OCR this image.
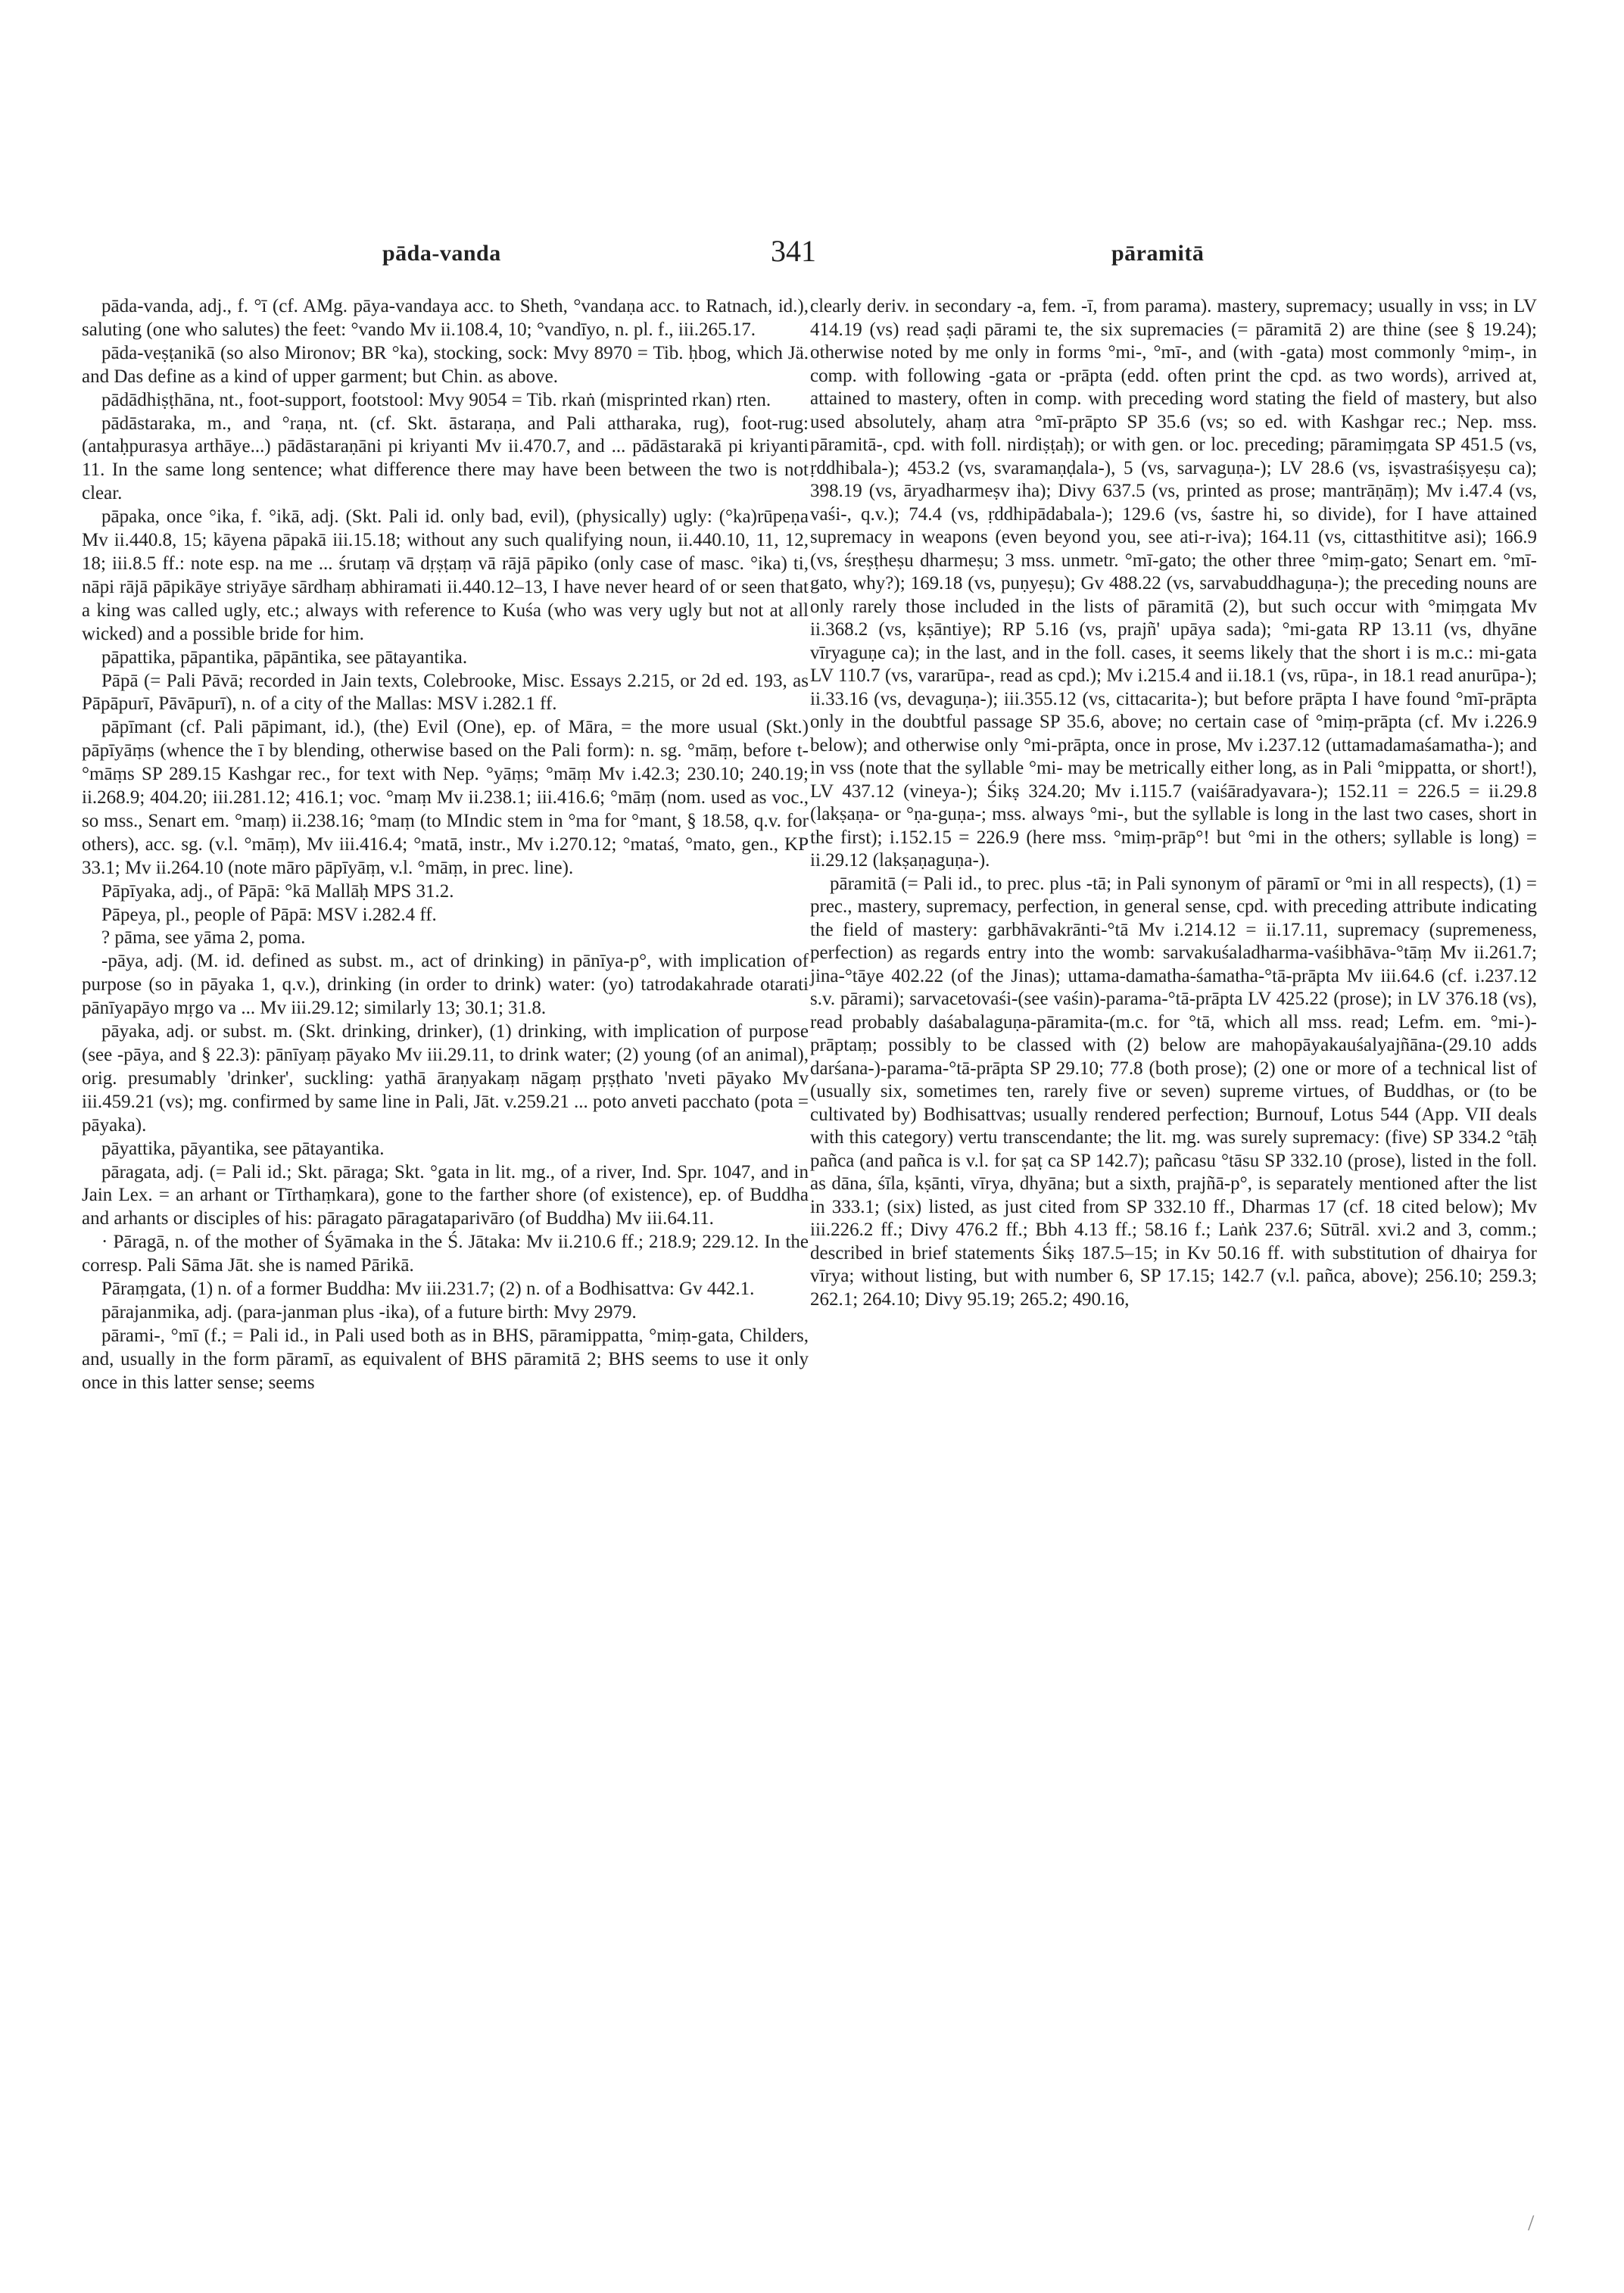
pāda-vanda	341	pāramitā

pāda-vanda, adj., f. °ī (cf. AMg. pāya-vandaya acc. to Sheth, °vandaṇa acc. to Ratnach, id.), saluting (one who salutes) the feet: °vando Mv ii.108.4, 10; °vandīyo, n. pl. f., iii.265.17.

pāda-veṣṭanikā (so also Mironov; BR °ka), stocking, sock: Mvy 8970 = Tib. ḥbog, which Jä. and Das define as a kind of upper garment; but Chin. as above.

pādādhiṣṭhāna, nt., foot-support, footstool: Mvy 9054 = Tib. rkaṅ (misprinted rkan) rten.

pādāstaraka, m., and °raṇa, nt. (cf. Skt. āstaraṇa, and Pali attharaka, rug), foot-rug: (antaḥpurasya arthāye...) pādāstaraṇāni pi kriyanti Mv ii.470.7, and ... pādāstarakā pi kriyanti 11. In the same long sentence; what difference there may have been between the two is not clear.

pāpaka, once °ika, f. °ikā, adj. (Skt. Pali id. only bad, evil), (physically) ugly: (°ka)rūpeṇa Mv ii.440.8, 15; kāyena pāpakā iii.15.18; without any such qualifying noun, ii.440.10, 11, 12, 18; iii.8.5 ff.: note esp. na me ... śrutaṃ vā dṛṣṭaṃ vā rājā pāpiko (only case of masc. °ika) ti, nāpi rājā pāpikāye striyāye sārdhaṃ abhiramati ii.440.12–13, I have never heard of or seen that a king was called ugly, etc.; always with reference to Kuśa (who was very ugly but not at all wicked) and a possible bride for him.

pāpattika, pāpantika, pāpāntika, see pātayantika.

Pāpā (= Pali Pāvā; recorded in Jain texts, Colebrooke, Misc. Essays 2.215, or 2d ed. 193, as Pāpāpurī, Pāvāpurī), n. of a city of the Mallas: MSV i.282.1 ff.

pāpīmant (cf. Pali pāpimant, id.), (the) Evil (One), ep. of Māra, = the more usual (Skt.) pāpīyāṃs (whence the ī by blending, otherwise based on the Pali form): n. sg. °māṃ, before t- °māṃs SP 289.15 Kashgar rec., for text with Nep. °yāṃs; °māṃ Mv i.42.3; 230.10; 240.19; ii.268.9; 404.20; iii.281.12; 416.1; voc. °maṃ Mv ii.238.1; iii.416.6; °māṃ (nom. used as voc., so mss., Senart em. °maṃ) ii.238.16; °maṃ (to MIndic stem in °ma for °mant, § 18.58, q.v. for others), acc. sg. (v.l. °māṃ), Mv iii.416.4; °matā, instr., Mv i.270.12; °mataś, °mato, gen., KP 33.1; Mv ii.264.10 (note māro pāpīyāṃ, v.l. °māṃ, in prec. line).

Pāpīyaka, adj., of Pāpā: °kā Mallāḥ MPS 31.2.

Pāpeya, pl., people of Pāpā: MSV i.282.4 ff.

? pāma, see yāma 2, poma.

-pāya, adj. (M. id. defined as subst. m., act of drinking) in pānīya-p°, with implication of purpose (so in pāyaka 1, q.v.), drinking (in order to drink) water: (yo) tatrodakahrade otarati pānīyapāyo mṛgo va ... Mv iii.29.12; similarly 13; 30.1; 31.8.

pāyaka, adj. or subst. m. (Skt. drinking, drinker), (1) drinking, with implication of purpose (see -pāya, and § 22.3): pānīyaṃ pāyako Mv iii.29.11, to drink water; (2) young (of an animal), orig. presumably 'drinker', suckling: yathā āraṇyakaṃ nāgaṃ pṛṣṭhato 'nveti pāyako Mv iii.459.21 (vs); mg. confirmed by same line in Pali, Jāt. v.259.21 ... poto anveti pacchato (pota = pāyaka).

pāyattika, pāyantika, see pātayantika.

pāragata, adj. (= Pali id.; Skt. pāraga; Skt. °gata in lit. mg., of a river, Ind. Spr. 1047, and in Jain Lex. = an arhant or Tīrthaṃkara), gone to the farther shore (of existence), ep. of Buddha and arhants or disciples of his: pāragato pāragataparivāro (of Buddha) Mv iii.64.11.

· Pāragā, n. of the mother of Śyāmaka in the Ś. Jātaka: Mv ii.210.6 ff.; 218.9; 229.12. In the corresp. Pali Sāma Jāt. she is named Pārikā.

Pāraṃgata, (1) n. of a former Buddha: Mv iii.231.7; (2) n. of a Bodhisattva: Gv 442.1.

pārajanmika, adj. (para-janman plus -ika), of a future birth: Mvy 2979.

pārami-, °mī (f.; = Pali id., in Pali used both as in BHS, pāramippatta, °miṃ-gata, Childers, and, usually in the form pāramī, as equivalent of BHS pāramitā 2; BHS seems to use it only once in this latter sense; seems

clearly deriv. in secondary -a, fem. -ī, from parama). mastery, supremacy; usually in vss; in LV 414.19 (vs) read ṣaḍi pārami te, the six supremacies (= pāramitā 2) are thine (see § 19.24); otherwise noted by me only in forms °mi-, °mī-, and (with -gata) most commonly °miṃ-, in comp. with following -gata or -prāpta (edd. often print the cpd. as two words), arrived at, attained to mastery, often in comp. with preceding word stating the field of mastery, but also used absolutely, ahaṃ atra °mī-prāpto SP 35.6 (vs; so ed. with Kashgar rec.; Nep. mss. pāramitā-, cpd. with foll. nirdiṣṭaḥ); or with gen. or loc. preceding; pāramiṃgata SP 451.5 (vs, ṛddhibala-); 453.2 (vs, svaramaṇḍala-), 5 (vs, sarvaguṇa-); LV 28.6 (vs, iṣvastraśiṣyeṣu ca); 398.19 (vs, āryadharmeṣv iha); Divy 637.5 (vs, printed as prose; mantrāṇāṃ); Mv i.47.4 (vs, vaśi-, q.v.); 74.4 (vs, ṛddhipādabala-); 129.6 (vs, śastre hi, so divide), for I have attained supremacy in weapons (even beyond you, see ati-r-iva); 164.11 (vs, cittasthititve asi); 166.9 (vs, śreṣṭheṣu dharmeṣu; 3 mss. unmetr. °mī-gato; the other three °miṃ-gato; Senart em. °mī-gato, why?); 169.18 (vs, puṇyeṣu); Gv 488.22 (vs, sarvabuddhaguṇa-); the preceding nouns are only rarely those included in the lists of pāramitā (2), but such occur with °miṃgata Mv ii.368.2 (vs, kṣāntiye); RP 5.16 (vs, prajñ' upāya sada); °mi-gata RP 13.11 (vs, dhyāne vīryaguṇe ca); in the last, and in the foll. cases, it seems likely that the short i is m.c.: mi-gata LV 110.7 (vs, vararūpa-, read as cpd.); Mv i.215.4 and ii.18.1 (vs, rūpa-, in 18.1 read anurūpa-); ii.33.16 (vs, devaguṇa-); iii.355.12 (vs, cittacarita-); but before prāpta I have found °mī-prāpta only in the doubtful passage SP 35.6, above; no certain case of °miṃ-prāpta (cf. Mv i.226.9 below); and otherwise only °mi-prāpta, once in prose, Mv i.237.12 (uttamadamaśamatha-); and in vss (note that the syllable °mi- may be metrically either long, as in Pali °mippatta, or short!), LV 437.12 (vineya-); Śikṣ 324.20; Mv i.115.7 (vaiśāradyavara-); 152.11 = 226.5 = ii.29.8 (lakṣaṇa- or °ṇa-guṇa-; mss. always °mi-, but the syllable is long in the last two cases, short in the first); i.152.15 = 226.9 (here mss. °miṃ-prāp°! but °mi in the others; syllable is long) = ii.29.12 (lakṣaṇaguṇa-).

pāramitā (= Pali id., to prec. plus -tā; in Pali synonym of pāramī or °mi in all respects), (1) = prec., mastery, supremacy, perfection, in general sense, cpd. with preceding attribute indicating the field of mastery: garbhāvakrānti-°tā Mv i.214.12 = ii.17.11, supremacy (supremeness, perfection) as regards entry into the womb: sarvakuśaladharma-vaśibhāva-°tāṃ Mv ii.261.7; jina-°tāye 402.22 (of the Jinas); uttama-damatha-śamatha-°tā-prāpta Mv iii.64.6 (cf. i.237.12 s.v. pārami); sarvacetovaśi-(see vaśin)-parama-°tā-prāpta LV 425.22 (prose); in LV 376.18 (vs), read probably daśabalaguṇa-pāramita-(m.c. for °tā, which all mss. read; Lefm. em. °mi-)-prāptaṃ; possibly to be classed with (2) below are mahopāyakauśalyajñāna-(29.10 adds darśana-)-parama-°tā-prāpta SP 29.10; 77.8 (both prose); (2) one or more of a technical list of (usually six, sometimes ten, rarely five or seven) supreme virtues, of Buddhas, or (to be cultivated by) Bodhisattvas; usually rendered perfection; Burnouf, Lotus 544 (App. VII deals with this category) vertu transcendante; the lit. mg. was surely supremacy: (five) SP 334.2 °tāḥ pañca (and pañca is v.l. for ṣaṭ ca SP 142.7); pañcasu °tāsu SP 332.10 (prose), listed in the foll. as dāna, śīla, kṣānti, vīrya, dhyāna; but a sixth, prajñā-p°, is separately mentioned after the list in 333.1; (six) listed, as just cited from SP 332.10 ff., Dharmas 17 (cf. 18 cited below); Mv iii.226.2 ff.; Divy 476.2 ff.; Bbh 4.13 ff.; 58.16 f.; Laṅk 237.6; Sūtrāl. xvi.2 and 3, comm.; described in brief statements Śikṣ 187.5–15; in Kv 50.16 ff. with substitution of dhairya for vīrya; without listing, but with number 6, SP 17.15; 142.7 (v.l. pañca, above); 256.10; 259.3; 262.1; 264.10; Divy 95.19; 265.2; 490.16,

/
